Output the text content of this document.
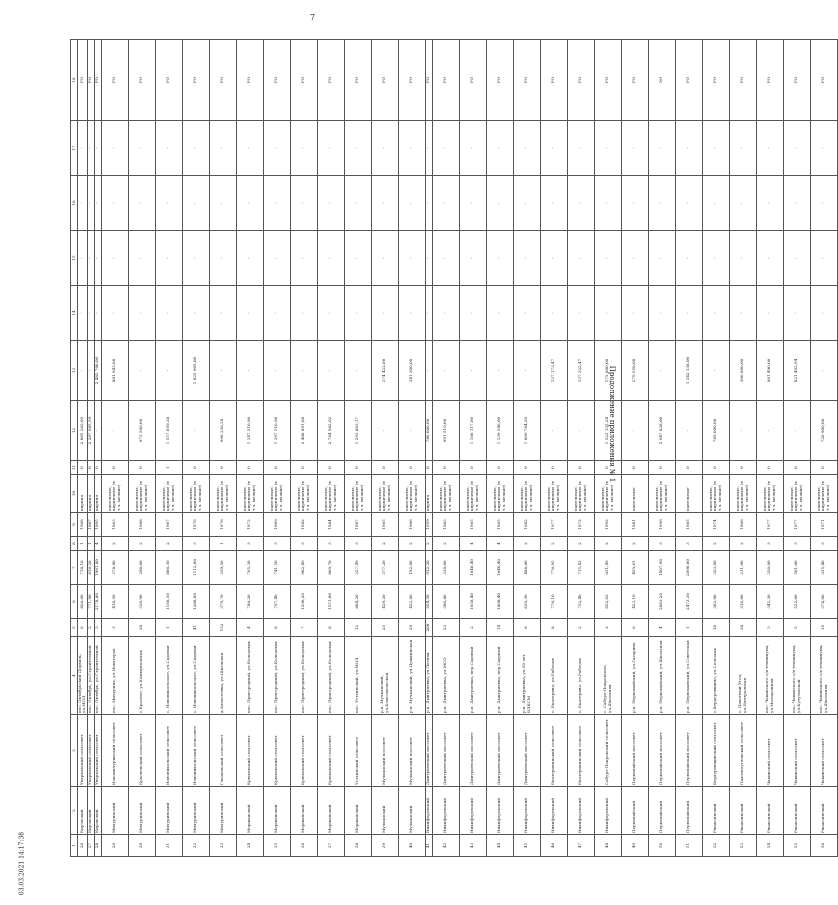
7
Продолжение приложения № 1
03.03.2021 14:17:38	1	2	3	4	5	6	7	8	9	10	11	12	13	14	15	16	17	18
26	Кировский	Уварковский сельсовет	пос. Октябрьский Дорвиль, ул.МОЛ	6	826,60	718,10	1	1968	кирпич	0	2 005 262,09	-	-	-	-	-	РО
27	Кировский	Уварковский сельсовет	пос. Октябрь, ул.Строительной	2	771,90	618,20	1	1987	кирпич	0	2 207 985,59	-	-	-	-	-	РО
28	Кировский	Уварковский сельсовет	пос. Октябрь, ул.Строительной	3	2178,80	1981,80	4	1995	кирпич	0	-	2 482 700,00	-	-	-	-	РО
29	Мичуринский	Новомичуринский сельсовет	пос. Мичурина, ул.Новаторов	3	418,50	378,80	2	1963	панельные, кирпичные (в т.ч. мелкие)	0	-	881 943,00	-	-	-	-	РО
30	Мичуринский	Красненский сельсовет	с.Красное, ул.Коммунальная	36	330,90	290,00	2	1968	панельные, кирпичные (в т.ч. мелкие)	0	972 560,00	-	-	-	-	-	РО
31	Мичуринский	Новоникольский сельсовет	с. Новоникольское, ул.Садовая	1	1166,50	806,30	2	1967	панельные, кирпичные (в т.ч. мелкие)	1	1 557 059,38	-	-	-	-	-	РО
32	Мичуринский	Новоникольский сельсовет	с. Новоникольское, ул.Садовая	41	1288,00	1112,00	3	1976	панельные, кирпичные (в т.ч. мелкие)	0	-	1 825 905,00	-	-	-	-	РО
33	Мичуринский	Глазковский сельсовет	д.Алексеевка, ул.Школьная	152	379,70	339,50	1	1976	панельные, кирпичные (в т.ч. мелкие)	0	990 236,38	-	-	-	-	-	РО
34	Моршанский	Крюковский сельсовет	пос. Пригородный, ул.Кольцевая	4	786,20	705,30	3	1972	панельные, кирпичные (в т.ч. мелкие)	0	1 347 510,90	-	-	-	-	-	РО
35	Моршанский	Крюковский сельсовет	пос. Пригородный, ул.Кольцевая	8	797,40	741,50	3	1969	панельные, кирпичные (в т.ч. мелкие)	0	1 397 510,90	-	-	-	-	-	РО
36	Моршанский	Крюковский сельсовет	пос. Пригородный, ул.Кольцевая	7	1290,20	982,49	3	1982	панельные, кирпичные (в т.ч. мелкие)	0	2 488 891,08	-	-	-	-	-	РО
37	Моршанский	Крюковский сельсовет	пос. Пригородный, ул.Кольцевая	8	1551,00	869,70	3	1984	панельные, кирпичные (в т.ч. мелкие)	0	2 784 962,02	-	-	-	-	-	РО
38	Моршанский	Устьинский сельсовет	пос. Устьинский, ул.МОЛ	12	884,20	327,49	3	1987	панельные, кирпичные (в т.ч. мелкие)	0	1 293 803,17	-	-	-	-	-	РО
39	Мучкапский	Мучкапский поссовет	р.п. Мучкапский, ул.Комсомольская	25	429,20	377,20	2	1965	панельные, кирпичные (в т.ч. мелкие)	0	-	374 422,00	-	-	-	-	РО
40	Мучкапский	Мучкапский поссовет	р.п. Мучкапский, ул.Пушкинская	29	422,80	192,00	2	1966	панельные, кирпичные (в т.ч. мелкие)	0	-	341 300,00	-	-	-	-	РО
41	Никифоровский	Дмитриевский поссовет	р.п. Дмитриевка, ул.Лесная	206	954,50	912,20	2	1959	кирпич	0	780 000,00	-	-	-	-	-	РО
42	Никифоровский	Дмитриевский поссовет	р.п. Дмитриевка, ул.МСО	23	380,80	338,00	2	1983	панельные, кирпичные (в т.ч. мелкие)	0	991 519,00	-	-	-	-	-	РО
43	Никифоровский	Дмитриевский поссовет	р.п. Дмитриевка, пер.Садовый	2	1658,40	1640,40	4	1965	панельные, кирпичные (в т.ч. мелкие)	0	1 166 117,00	-	-	-	-	-	РО
44	Никифоровский	Дмитриевский поссовет	р.п. Дмитриевка, пер.Садовый	14	1808,40	1640,40	4	1965	панельные, кирпичные (в т.ч. мелкие)	0	1 139 546,00	-	-	-	-	-	РО
45	Никифоровский	Дмитриевский поссовет	р.п. Дмитриевка, ул.50 лет ВЛКСМ	8	639,30	486,60	2	1982	панельные, кирпичные (в т.ч. мелкие)	0	1 609 764,29	-	-	-	-	-	РО
46	Никифоровский	Екатерининский сельсовет	с. Екатерино, ул.Рабочая	8	776,10	776,95	2	1977	панельные, кирпичные (в т.ч. мелкие)	0	-	137 173,47	-	-	-	-	РО
47	Никифоровский	Екатерининский сельсовет	с. Екатерино, ул.Рабочая	2	752,40	715,43	2	1972	панельные, кирпичные (в т.ч. мелкие)	0	-	137 322,47	-	-	-	-	РО
48	Никифоровский	Сабуро-Покровский сельсовет	с. Сабуро-Покровское, ул.Школьная	2	652,02	631,49	2	1992	панельные, кирпичные (в т.ч. мелкие)	0	1 523 135,24	172 600,00	-	-	-	-	РО
49	Первомайский	Первомайский поссовет	р.п. Первомайский, ул.Гагарина	6	423,10	459,61	2	1981	панельные	0	-	279 550,00	-	-	-	-	РО
50	Первомайский	Первомайский поссовет	р.п. Первомайский, ул.Школьная	4	2083,20	1007,90	3	1999	панельные, кирпичные (в т.ч. мелкие)	0	2 947 828,00	-	-	-	-	-	ЭО
51	Первомайский	Первомайский поссовет	р.п. Первомайский, ул.Советская	1	2473,30	2090,00	3	1985	панельные	0	-	1 342 138,00	-	-	-	-	РО
52	Ржаксинский	Вердеревщинский сельсовет	с.Вердеревщино, ул.Сельская	10	362,00	323,00	2	1974	панельные, кирпичные (в т.ч. мелкие)	0	789 000,00	-	-	-	-	-	РО
53	Ржаксинский	Пахотноугловский сельсовет	с. Пахотный Угол, ул.Центральная	38	316,00	211,00	2	1966	панельные, кирпичные (в т.ч. мелкие)	0	-	300 000,00	-	-	-	-	РО
54	Ржаксинский	Чакинский сельсовет	пос. Чакинского с/х техникума, ул.Молодежная	3	345,30	320,00	3	1977	панельные, кирпичные (в т.ч. мелкие)	0	-	981 490,00	-	-	-	-	РО
55	Ржаксинский	Чакинский сельсовет	пос. Чакинского с/х техникума, ул.Кутузовской	5	532,00	501,00	3	1977	панельные, кирпичные (в т.ч. мелкие)	0	-	821 492,94	-	-	-	-	РО
56	Ржаксинский	Чакинский сельсовет	пос. Чакинского с/х техникума, ул.Школьная	19	378,00	335,40	3	1971	панельные, кирпичные (в т.ч. мелкие)	0	720 900,00	-	-	-	-	-	РО
